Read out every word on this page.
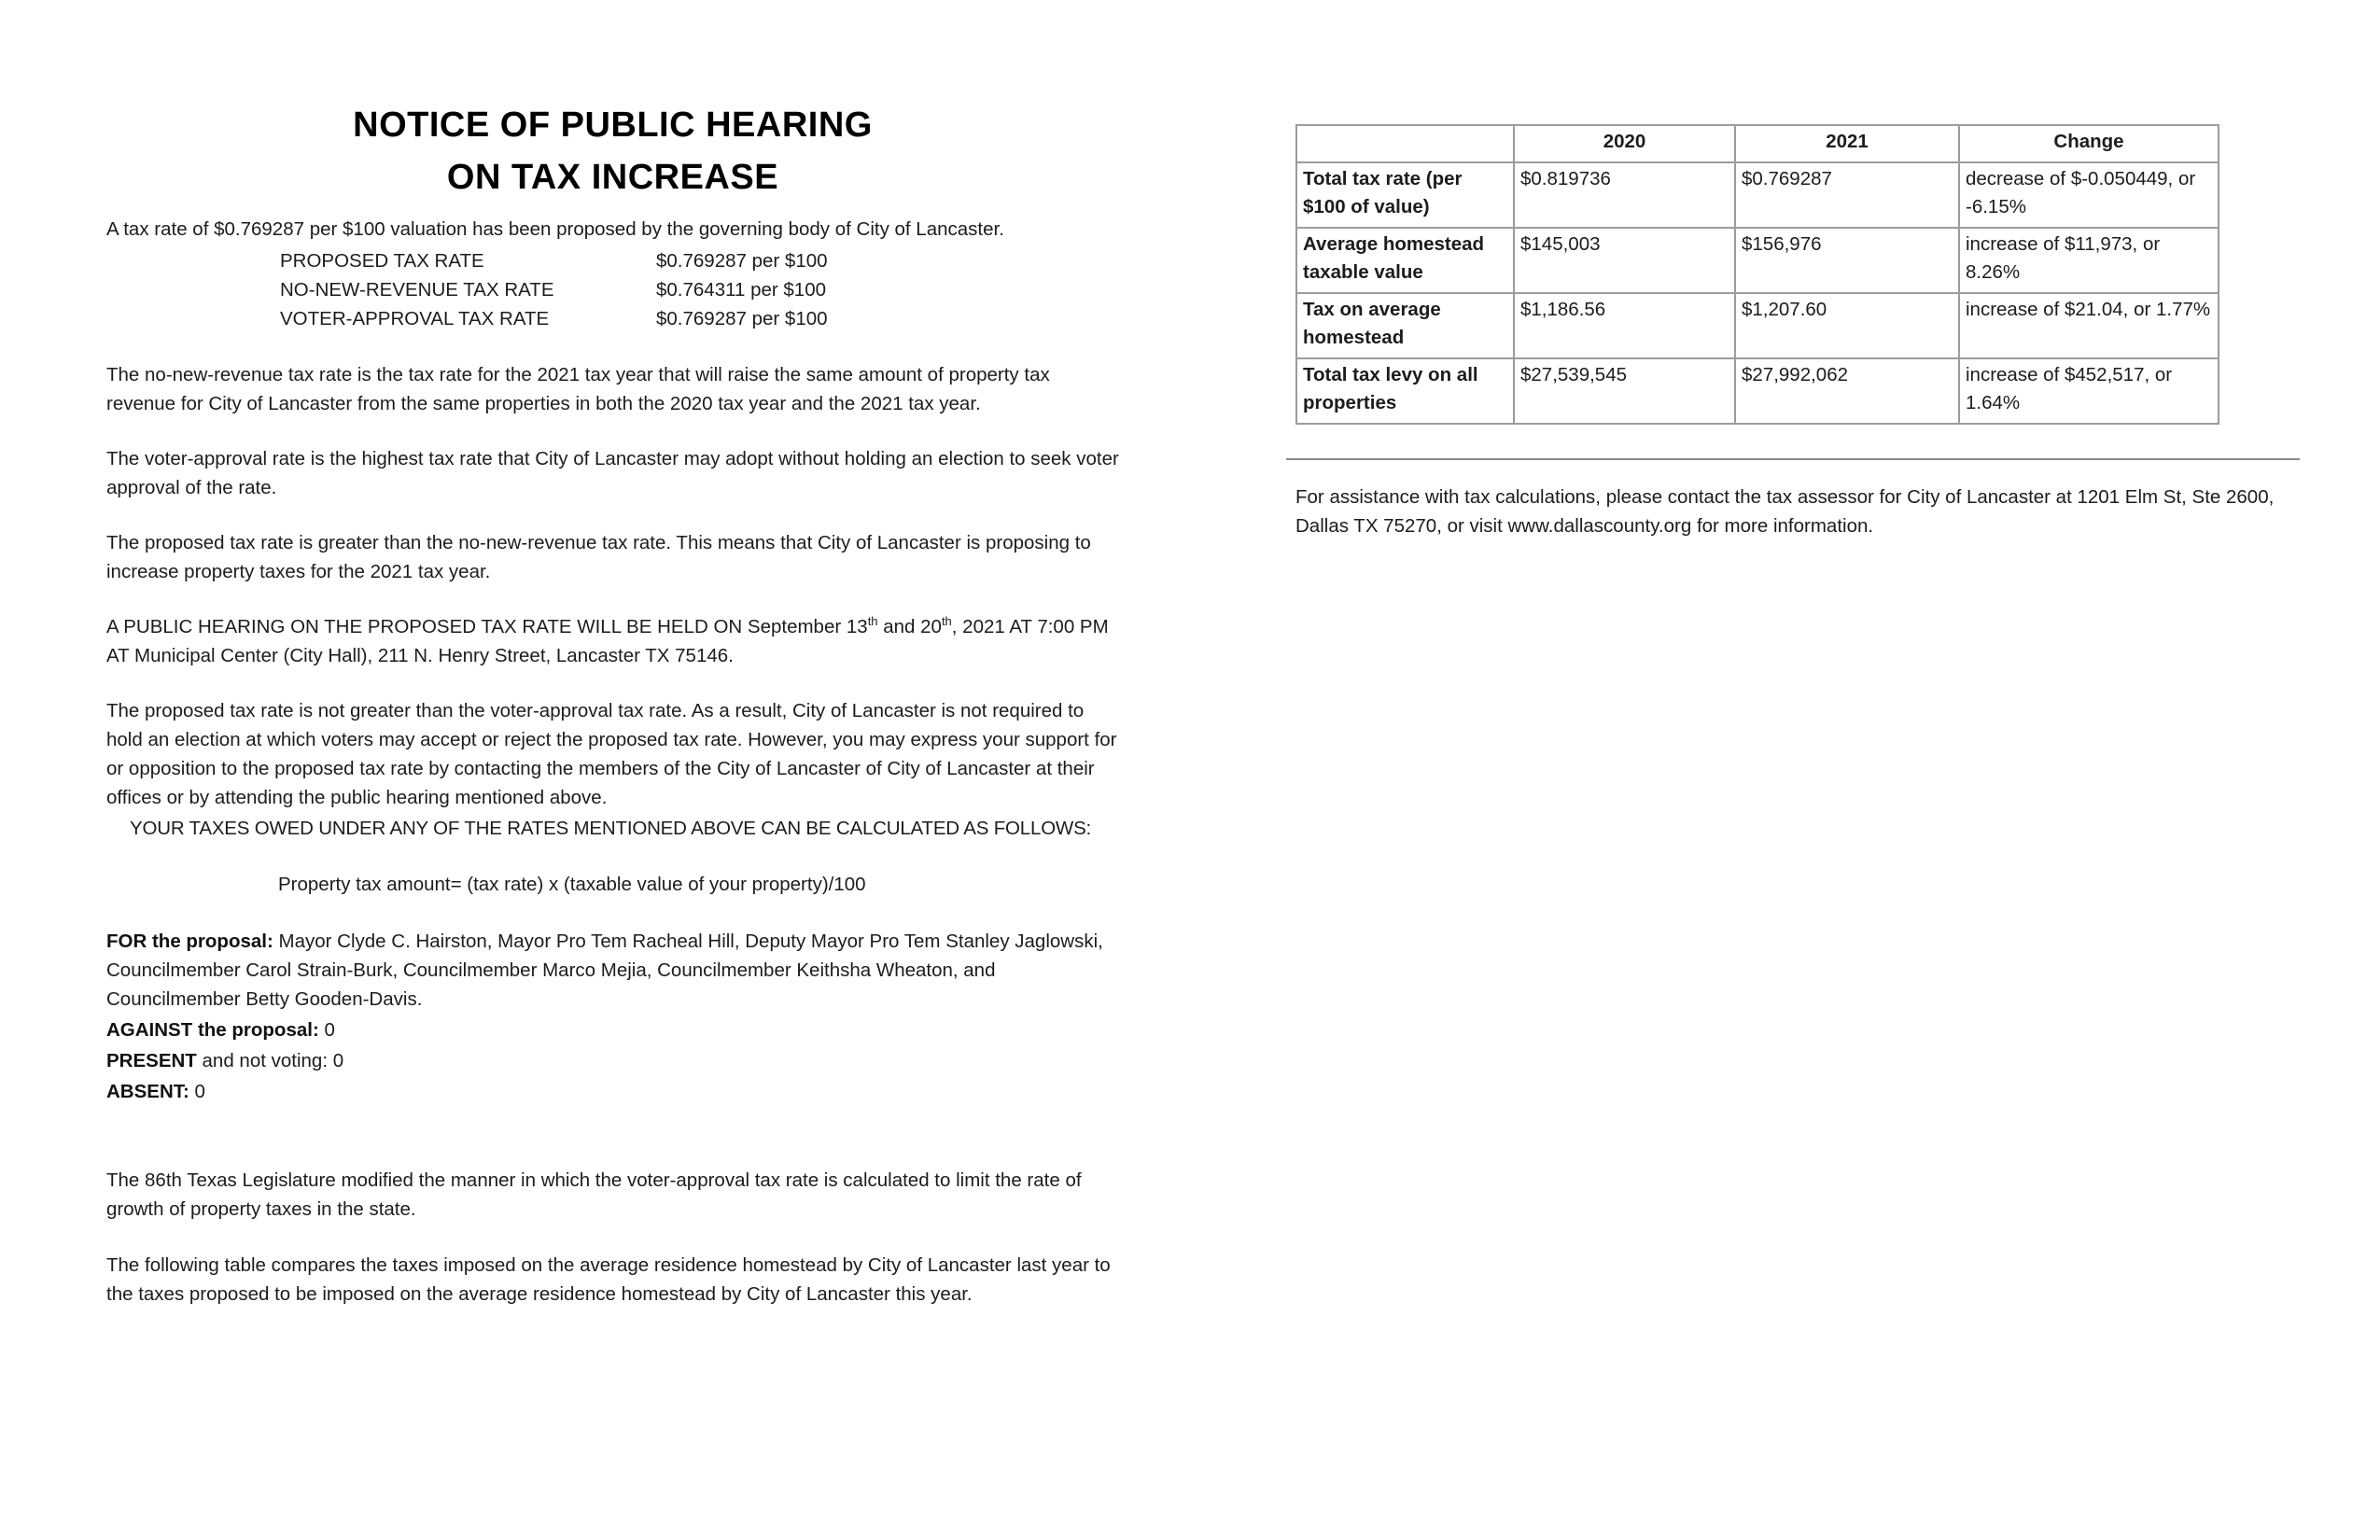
NOTICE OF PUBLIC HEARING
ON TAX INCREASE
A tax rate of $0.769287 per $100 valuation has been proposed by the governing body of City of Lancaster.
PROPOSED TAX RATE	$0.769287 per $100
NO-NEW-REVENUE TAX RATE	$0.764311 per $100
VOTER-APPROVAL TAX RATE	$0.769287 per $100
The no-new-revenue tax rate is the tax rate for the 2021 tax year that will raise the same amount of property tax revenue for City of Lancaster from the same properties in both the 2020 tax year and the 2021 tax year.
The voter-approval rate is the highest tax rate that City of Lancaster may adopt without holding an election to seek voter approval of the rate.
The proposed tax rate is greater than the no-new-revenue tax rate. This means that City of Lancaster is proposing to increase property taxes for the 2021 tax year.
A PUBLIC HEARING ON THE PROPOSED TAX RATE WILL BE HELD ON September 13th and 20th, 2021 AT 7:00 PM AT Municipal Center (City Hall), 211 N. Henry Street, Lancaster TX 75146.
The proposed tax rate is not greater than the voter-approval tax rate. As a result, City of Lancaster is not required to hold an election at which voters may accept or reject the proposed tax rate. However, you may express your support for or opposition to the proposed tax rate by contacting the members of the City of Lancaster of City of Lancaster at their offices or by attending the public hearing mentioned above.
YOUR TAXES OWED UNDER ANY OF THE RATES MENTIONED ABOVE CAN BE CALCULATED AS FOLLOWS:
Property tax amount= (tax rate) x (taxable value of your property)/100
FOR the proposal: Mayor Clyde C. Hairston, Mayor Pro Tem Racheal Hill, Deputy Mayor Pro Tem Stanley Jaglowski, Councilmember Carol Strain-Burk, Councilmember Marco Mejia, Councilmember Keithsha Wheaton, and Councilmember Betty Gooden-Davis.
AGAINST the proposal: 0
PRESENT and not voting: 0
ABSENT: 0
The 86th Texas Legislature modified the manner in which the voter-approval tax rate is calculated to limit the rate of growth of property taxes in the state.
The following table compares the taxes imposed on the average residence homestead by City of Lancaster last year to the taxes proposed to be imposed on the average residence homestead by City of Lancaster this year.
	2020	2021	Change
Total tax rate (per $100 of value)	$0.819736	$0.769287	decrease of $-0.050449, or -6.15%
Average homestead taxable value	$145,003	$156,976	increase of $11,973, or 8.26%
Tax on average homestead	$1,186.56	$1,207.60	increase of $21.04, or 1.77%
Total tax levy on all properties	$27,539,545	$27,992,062	increase of $452,517, or 1.64%
For assistance with tax calculations, please contact the tax assessor for City of Lancaster at 1201 Elm St, Ste 2600, Dallas TX 75270, or visit www.dallascounty.org for more information.
